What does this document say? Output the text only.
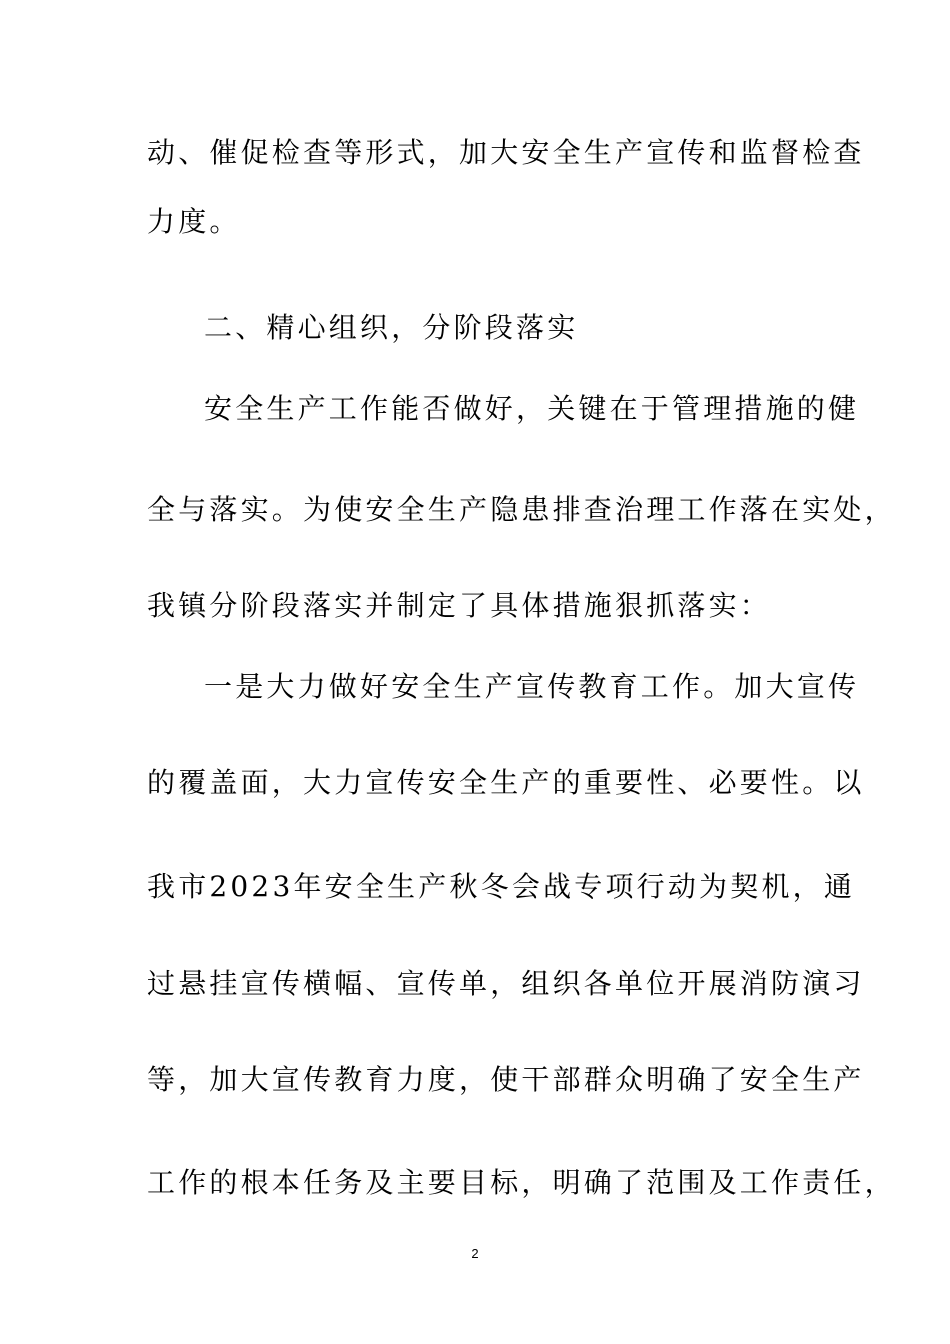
动、催促检查等形式，加大安全生产宣传和监督检查
力度。
二、精心组织，分阶段落实
安全生产工作能否做好，关键在于管理措施的健
全与落实。为使安全生产隐患排查治理工作落在实处，
我镇分阶段落实并制定了具体措施狠抓落实：
一是大力做好安全生产宣传教育工作。加大宣传
的覆盖面，大力宣传安全生产的重要性、必要性。以
我市2023年安全生产秋冬会战专项行动为契机，通
过悬挂宣传横幅、宣传单，组织各单位开展消防演习
等，加大宣传教育力度，使干部群众明确了安全生产
工作的根本任务及主要目标，明确了范围及工作责任，
2
